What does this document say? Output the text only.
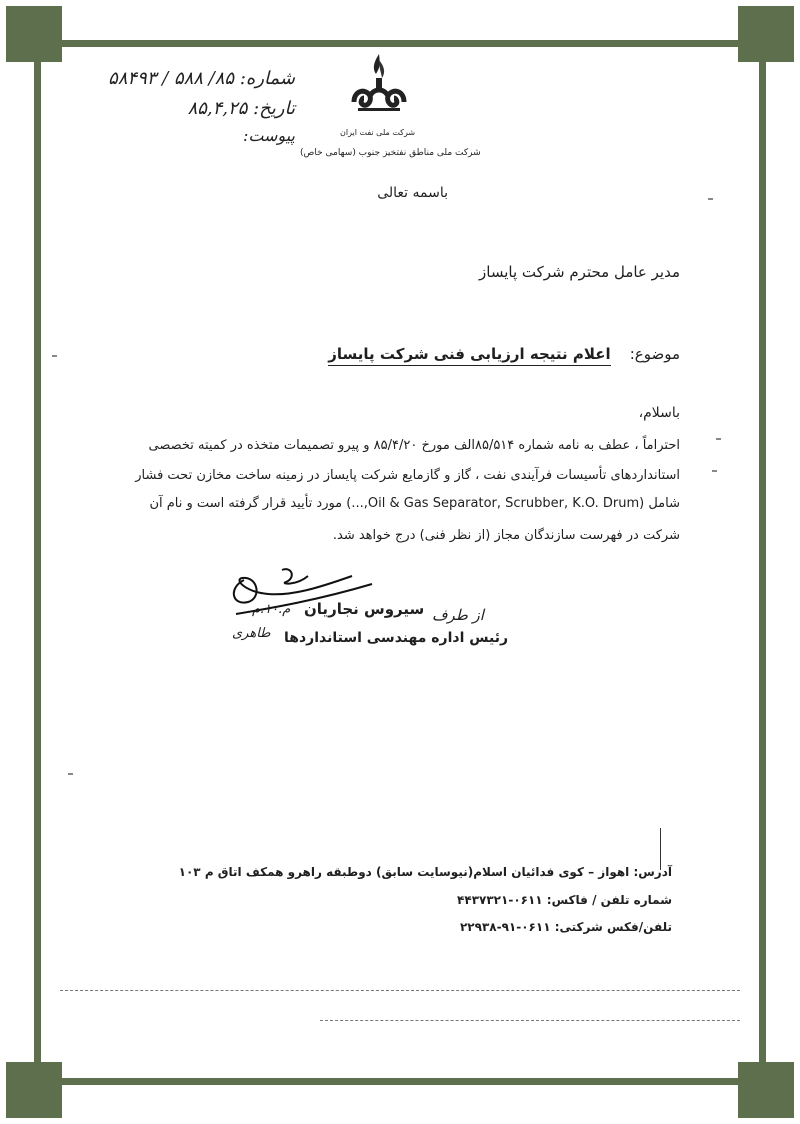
شماره: ۸۵/ ۵۸۸ / ۵۸۴۹۳
تاریخ: ۸۵,۴,۲۵
پیوست:	شرکت ملی نفت ایران
شرکت ملی مناطق نفتخیز جنوب (سهامی خاص)
باسمه تعالی
مدیر عامل محترم شرکت پایساز
موضوع:    اعلام نتیجه ارزیابی فنی شرکت پایساز
باسلام،
احتراماً ، عطف به نامه شماره ۸۵/۵۱۴الف مورخ ۸۵/۴/۲۰ و پیرو تصمیمات متخذه در کمیته تخصصی
استانداردهای تأسیسات فرآیندی نفت ، گاز و گازمایع شرکت پایساز در زمینه ساخت مخازن تحت فشار
شامل (Oil & Gas Separator, Scrubber, K.O. Drum,...) مورد تأیید قرار گرفته است و نام آن
شرکت در فهرست سازندگان مجاز (از نظر فنی) درج خواهد شد.
از طرف
سیروس نجاریان
م.۱۰.م
طاهری رئیس اداره مهندسی استانداردها
آدرس: اهواز – کوی فدائیان اسلام(نیوسایت سابق) دوطبقه راهرو همکف اتاق م ۱۰۳
شماره تلفن / فاکس: ۰۶۱۱-۴۴۳۷۳۲۱
تلفن/فکس شرکتی: ۰۶۱۱-۹۱-۲۲۹۳۸
